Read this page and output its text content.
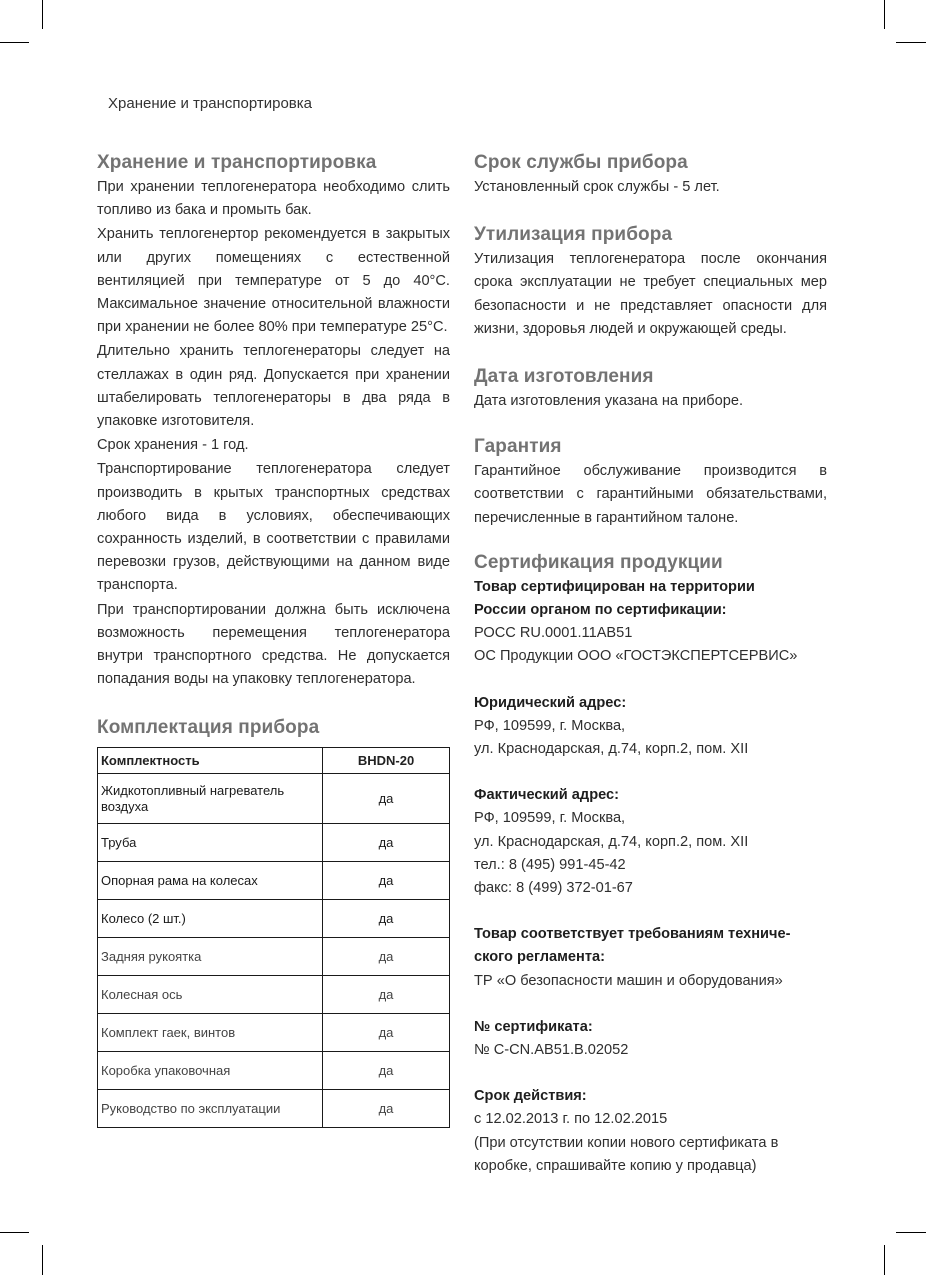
Хранение и транспортировка
Хранение и транспортировка

При хранении теплогенератора необходимо слить топливо из бака и промыть бак.

Хранить теплогенертор рекомендуется в закрытых или других помещениях с естественной вентиляцией при температуре от 5 до 40°С. Максимальное значение относительной влажности при хранении не более 80% при температуре 25°С.

Длительно хранить теплогенераторы следует на стеллажах в один ряд. Допускается при хранении штабелировать теплогенераторы в два ряда в упаковке изготовителя.

Срок хранения - 1 год.

Транспортирование теплогенератора следует производить в крытых транспортных средствах любого вида в условиях, обеспечивающих сохранность изделий, в соответствии с правилами перевозки грузов, действующими на данном виде транспорта.

При транспортировании должна быть исключена возможность перемещения теплогенератора внутри транспортного средства. Не допускается попадания воды на упаковку теплогенератора.

Комплектация прибора
Комплектность	BHDN-20
Жидкотопливный нагреватель воздуха	да
Труба	да
Опорная рама на колесах	да
Колесо (2 шт.)	да
Задняя рукоятка	да
Колесная ось	да
Комплект гаек, винтов	да
Коробка упаковочная	да
Руководство по эксплуатации	да
Срок службы прибора

Установленный срок службы - 5 лет.

Утилизация прибора

Утилизация теплогенератора после окончания срока эксплуатации не требует специальных мер безопасности и не представляет опасности для жизни, здоровья людей и окружающей среды.

Дата изготовления

Дата изготовления указана на приборе.

Гарантия

Гарантийное обслуживание производится в соответствии с гарантийными обязательствами, перечисленные в гарантийном талоне.

Сертификация продукции

Товар сертифицирован на территории

России органом по сертификации:

РОСС RU.0001.11АВ51

ОС Продукции ООО «ГОСТЭКСПЕРТСЕРВИС»

Юридический адрес:

РФ, 109599, г. Москва,

ул. Краснодарская, д.74, корп.2, пом. XII

Фактический адрес:

РФ, 109599, г. Москва,

ул. Краснодарская, д.74, корп.2, пом. XII

тел.: 8 (495) 991-45-42

факс: 8 (499) 372-01-67

Товар соответствует требованиям техниче-

ского регламента:

ТР «О безопасности машин и оборудования»

№ сертификата:

№ С-CN.АВ51.В.02052

Срок действия:

с 12.02.2013 г. по 12.02.2015

(При отсутствии копии нового сертификата в

коробке, спрашивайте копию у продавца)
